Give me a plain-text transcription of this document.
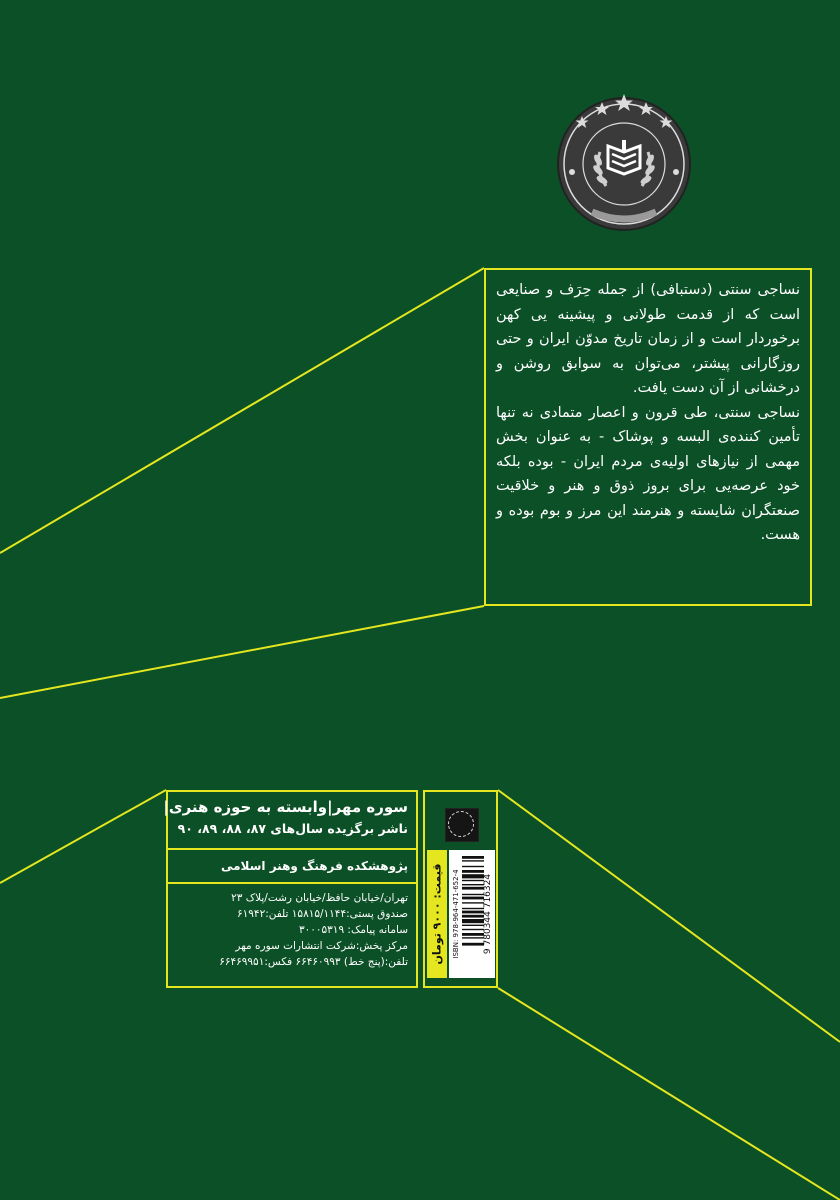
نساجی سنتی (دستبافی) از جمله حِرَف و صنایعی است که از قدمت طولانی و پیشینه یی کهن برخوردار است و از زمان تاریخ مدوّن ایران و حتی روزگارانی پیشتر، می‌توان به سوابق روشن و درخشانی از آن دست یافت.

نساجی سنتی، طی قرون و اعصار متمادی نه تنها تأمین کننده‌ی البسه و پوشاک - به عنوان بخش مهمی از نیازهای اولیه‌ی مردم ایران - بوده بلکه خود عرصه‌یی برای بروز ذوق و هنر و خلاقیت صنعتگران شایسته و هنرمند این مرز و بوم بوده و هست.

سوره مهر|وابسته به حوزه هنری|
ناشر برگزیده سال‌های ۸۷، ۸۸، ۸۹، ۹۰
پژوهشکده فرهنگ وهنر اسلامی
تهران/خیابان حافظ/خیابان رشت/پلاک ۲۳
صندوق پستی:۱۵۸۱۵/۱۱۴۴ تلفن:۶۱۹۴۲
سامانه پیامک: ۳۰۰۰۵۳۱۹
مرکز پخش:شرکت انتشارات سوره مهر
تلفن:(پنج خط) ۶۶۴۶۰۹۹۳ فکس:۶۶۴۶۹۹۵۱ قیمت: ۹۰۰۰ تومان ISBN: 978-964-471-652-4	9 780344 716324
